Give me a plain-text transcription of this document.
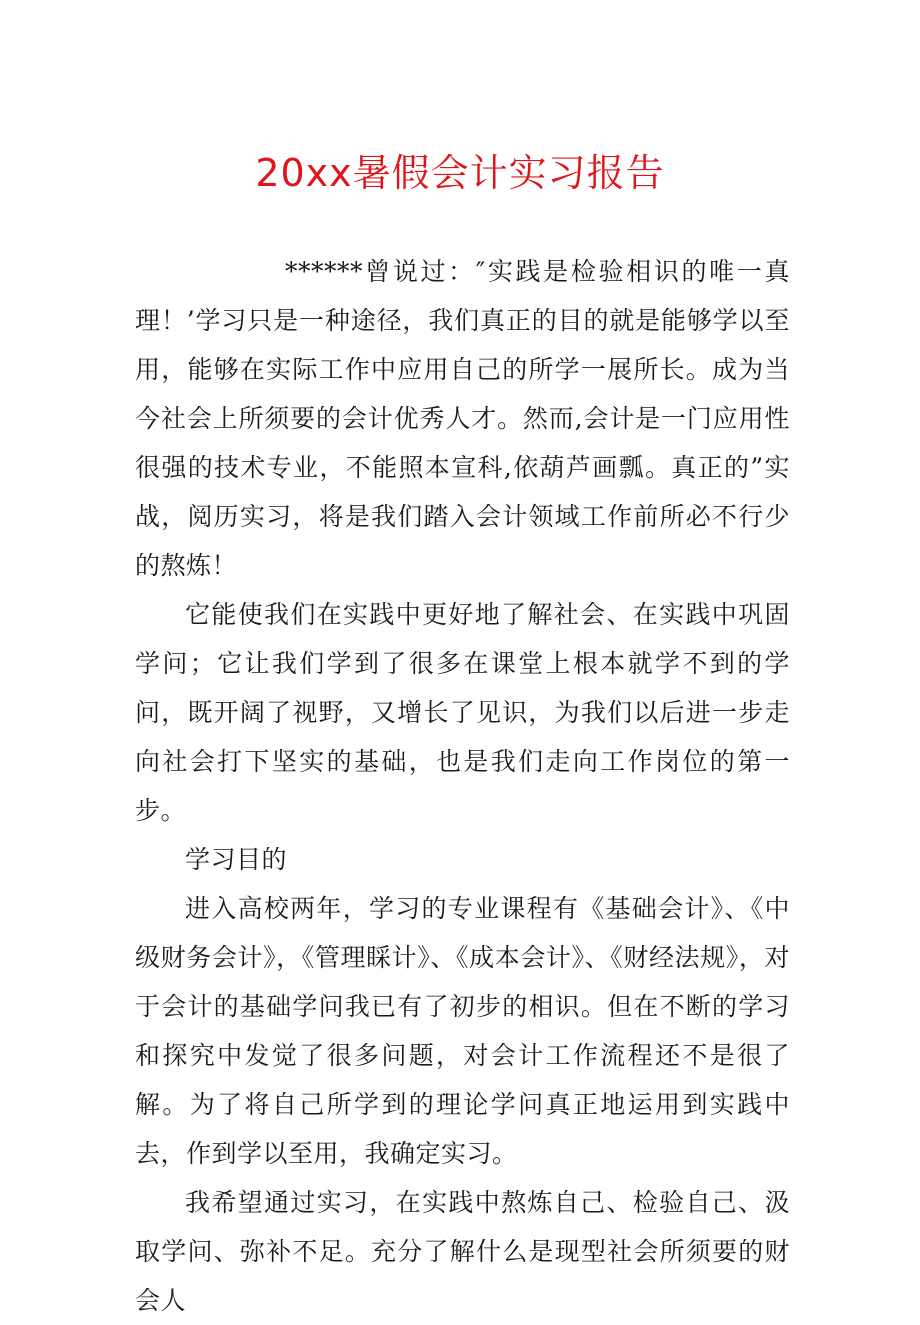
20xx暑假会计实习报告

******曾说过：″实践是检验相识的唯一真理！’学习只是一种途径，我们真正的目的就是能够学以至用，能够在实际工作中应用自己的所学一展所长。成为当今社会上所须要的会计优秀人才。然而,会计是一门应用性很强的技术专业，不能照本宣科,依葫芦画瓢。真正的”实战，阅历实习，将是我们踏入会计领域工作前所必不行少的熬炼！

它能使我们在实践中更好地了解社会、在实践中巩固学问；它让我们学到了很多在课堂上根本就学不到的学问，既开阔了视野，又增长了见识，为我们以后进一步走向社会打下坚实的基础，也是我们走向工作岗位的第一步。

学习目的

进入高校两年，学习的专业课程有《基础会计》、《中级财务会计》，《管理睬计》、《成本会计》、《财经法规》，对于会计的基础学问我已有了初步的相识。但在不断的学习和探究中发觉了很多问题，对会计工作流程还不是很了解。为了将自己所学到的理论学问真正地运用到实践中去，作到学以至用，我确定实习。

我希望通过实习，在实践中熬炼自己、检验自己、汲取学问、弥补不足。充分了解什么是现型社会所须要的财会人
